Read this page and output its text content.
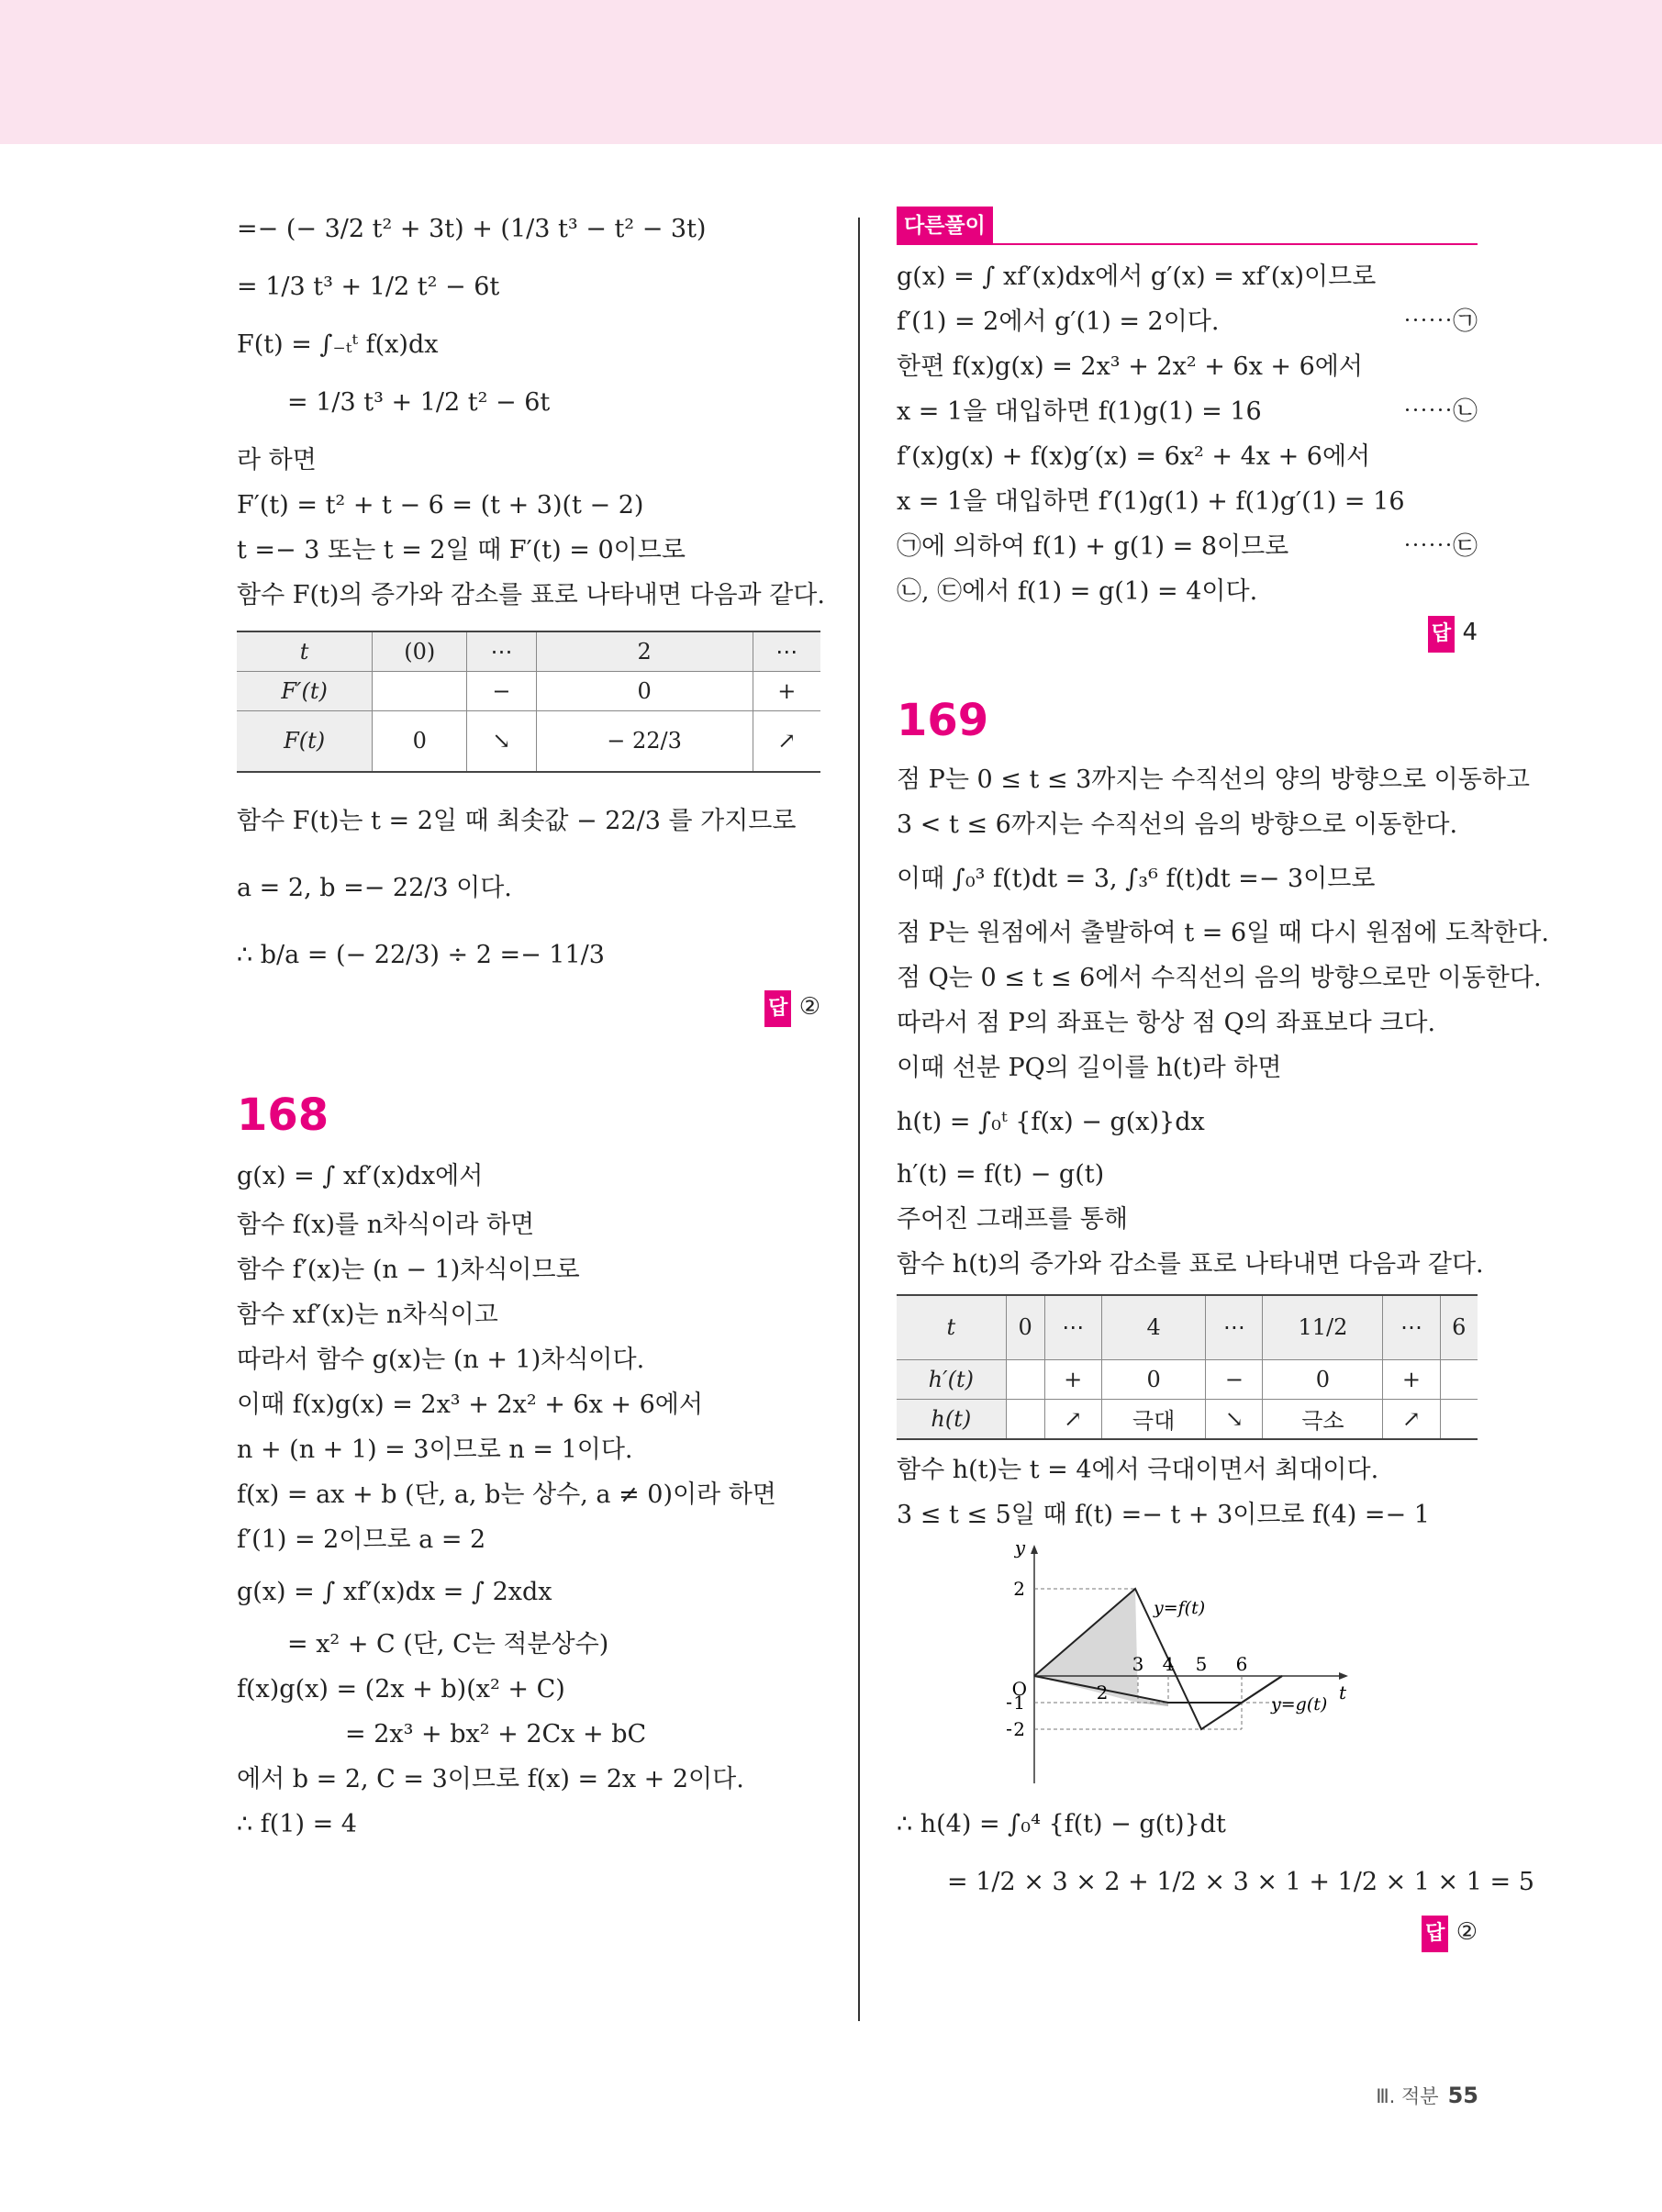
=− (− 3/2 t² + 3t) + (1/3 t³ − t² − 3t)
= 1/3 t³ + 1/2 t² − 6t
F(t) = ∫₋ₜᵗ f(x)dx
= 1/3 t³ + 1/2 t² − 6t
라 하면
F′(t) = t² + t − 6 = (t + 3)(t − 2)
t =− 3 또는 t = 2일 때 F′(t) = 0이므로
함수 F(t)의 증가와 감소를 표로 나타내면 다음과 같다.
t	(0)	⋯	2	⋯
F′(t)		−	0	+
F(t)	0	↘	− 22/3	↗
함수 F(t)는 t = 2일 때 최솟값 − 22/3 를 가지므로
a = 2, b =− 22/3 이다.
∴ b/a = (− 22/3) ÷ 2 =− 11/3
답 ②
168
g(x) = ∫ xf′(x)dx에서
함수 f(x)를 n차식이라 하면
함수 f′(x)는 (n − 1)차식이므로
함수 xf′(x)는 n차식이고
따라서 함수 g(x)는 (n + 1)차식이다.
이때 f(x)g(x) = 2x³ + 2x² + 6x + 6에서
n + (n + 1) = 3이므로 n = 1이다.
f(x) = ax + b (단, a, b는 상수, a ≠ 0)이라 하면
f′(1) = 2이므로 a = 2
g(x) = ∫ xf′(x)dx = ∫ 2xdx
= x² + C (단, C는 적분상수)
f(x)g(x) = (2x + b)(x² + C)
= 2x³ + bx² + 2Cx + bC
에서 b = 2, C = 3이므로 f(x) = 2x + 2이다.
∴ f(1) = 4
다른풀이
g(x) = ∫ xf′(x)dx에서 g′(x) = xf′(x)이므로
f′(1) = 2에서 g′(1) = 2이다.	⋯⋯㉠
한편 f(x)g(x) = 2x³ + 2x² + 6x + 6에서
x = 1을 대입하면 f(1)g(1) = 16	⋯⋯㉡
f′(x)g(x) + f(x)g′(x) = 6x² + 4x + 6에서
x = 1을 대입하면 f′(1)g(1) + f(1)g′(1) = 16
㉠에 의하여 f(1) + g(1) = 8이므로	⋯⋯㉢
㉡, ㉢에서 f(1) = g(1) = 4이다.
답 4
169
점 P는 0 ≤ t ≤ 3까지는 수직선의 양의 방향으로 이동하고
3 < t ≤ 6까지는 수직선의 음의 방향으로 이동한다.
이때 ∫₀³ f(t)dt = 3, ∫₃⁶ f(t)dt =− 3이므로
점 P는 원점에서 출발하여 t = 6일 때 다시 원점에 도착한다.
점 Q는 0 ≤ t ≤ 6에서 수직선의 음의 방향으로만 이동한다.
따라서 점 P의 좌표는 항상 점 Q의 좌표보다 크다.
이때 선분 PQ의 길이를 h(t)라 하면
h(t) = ∫₀ᵗ {f(x) − g(x)}dx
h′(t) = f(t) − g(t)
주어진 그래프를 통해
함수 h(t)의 증가와 감소를 표로 나타내면 다음과 같다.
t	0	⋯	4	⋯	11/2	⋯	6
h′(t)		+	0	−	0	+	
h(t)		↗	극대	↘	극소	↗	
함수 h(t)는 t = 4에서 극대이면서 최대이다.
3 ≤ t ≤ 5일 때 f(t) =− t + 3이므로 f(4) =− 1
y
t
O
2
1
2
3 4 5 6
2
y=f(t)
y=g(t)
∴ h(4) = ∫₀⁴ {f(t) − g(t)}dt
= 1/2 × 3 × 2 + 1/2 × 3 × 1 + 1/2 × 1 × 1 = 5
답 ②
Ⅲ. 적분 55
